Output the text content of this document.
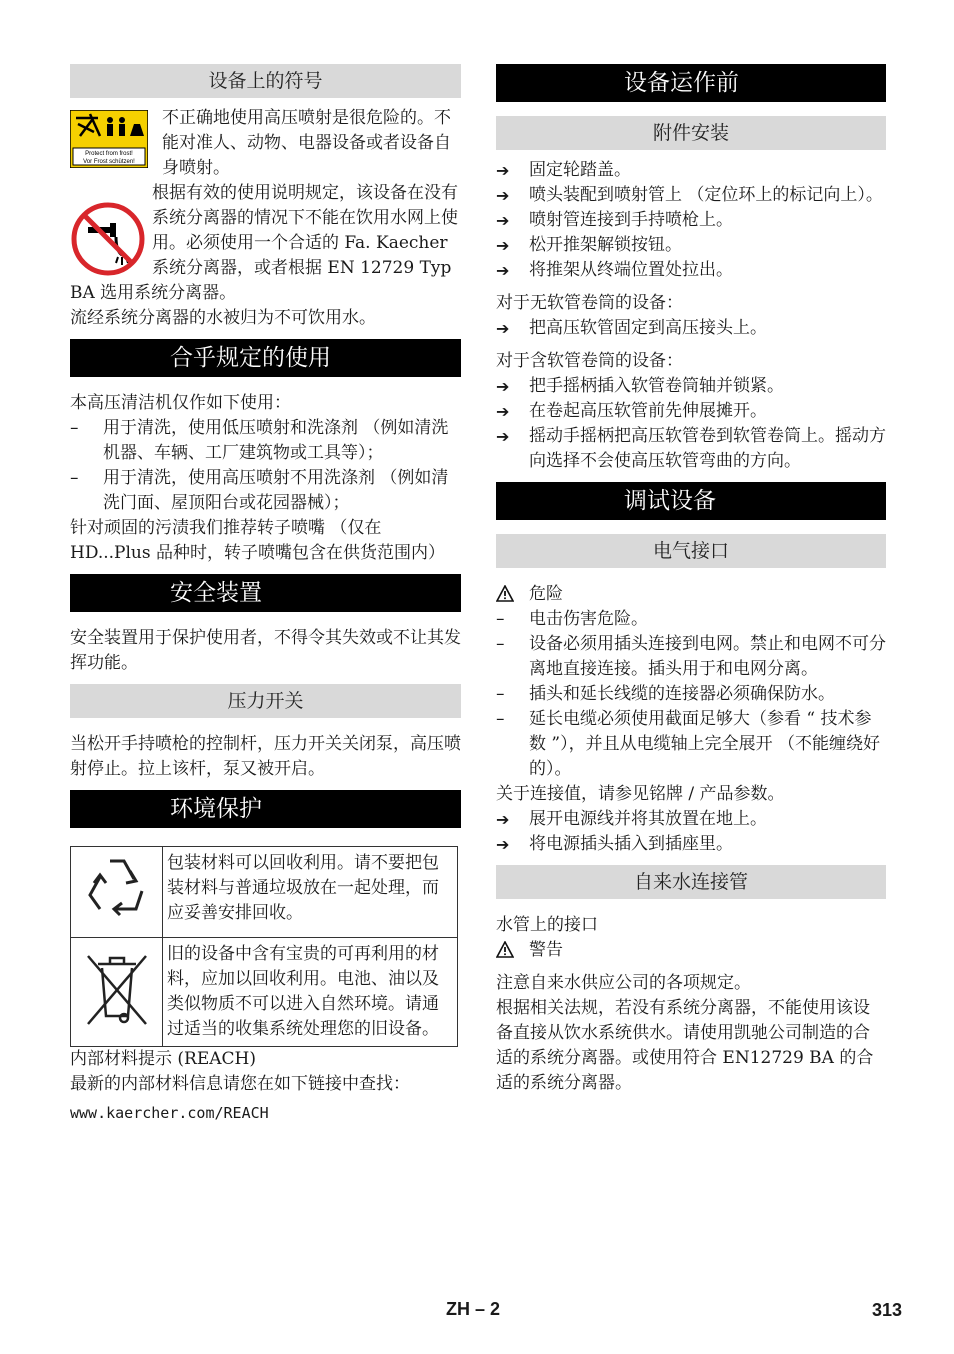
设备上的符号
Protect from frost!
Vor Frost schützen!

不正确地使用高压喷射是很危险的。不能对准人、动物、电器设备或者设备自身喷射。

根据有效的使用说明规定，该设备在没有系统分离器的情况下不能在饮用水网上使用。必须使用一个合适的 Fa. Kaecher 系统分离器，或者根据 EN 12729 Typ BA 选用系统分离器。

流经系统分离器的水被归为不可饮用水。

合乎规定的使用

本高压清洁机仅作如下使用：

–	用于清洗，使用低压喷射和洗涤剂 （例如清洗机器、车辆、工厂建筑物或工具等）；
–	用于清洗，使用高压喷射不用洗涤剂 （例如清洗门面、屋顶阳台或花园器械）；

针对顽固的污渍我们推荐转子喷嘴 （仅在 HD...Plus 品种时，转子喷嘴包含在供货范围内）

安全装置

安全装置用于保护使用者，不得令其失效或不让其发挥功能。

压力开关

当松开手持喷枪的控制杆，压力开关关闭泵，高压喷射停止。拉上该杆，泵又被开启。

环境保护
	包装材料可以回收利用。请不要把包装材料与普通垃圾放在一起处理，而应妥善安排回收。
	旧的设备中含有宝贵的可再利用的材料，应加以回收利用。电池、油以及类似物质不可以进入自然环境。请通过适当的收集系统处理您的旧设备。

内部材料提示 (REACH)

最新的内部材料信息请您在如下链接中查找：

www.kaercher.com/REACH

设备运作前
附件安装
➔	固定轮踏盖。
➔	喷头装配到喷射管上 （定位环上的标记向上）。
➔	喷射管连接到手持喷枪上。
➔	松开推架解锁按钮。
➔	将推架从终端位置处拉出。

对于无软管卷筒的设备：

➔	把高压软管固定到高压接头上。

对于含软管卷筒的设备：

➔	把手摇柄插入软管卷筒轴并锁紧。
➔	在卷起高压软管前先伸展摊开。
➔	摇动手摇柄把高压软管卷到软管卷筒上。摇动方向选择不会使高压软管弯曲的方向。
调试设备
电气接口
危险
–	电击伤害危险。
–	设备必须用插头连接到电网。禁止和电网不可分离地直接连接。插头用于和电网分离。
–	插头和延长线缆的连接器必须确保防水。
–	延长电缆必须使用截面足够大（参看 “ 技术参数 ”），并且从电缆轴上完全展开 （不能缠绕好的）。

关于连接值，请参见铭牌 / 产品参数。

➔	展开电源线并将其放置在地上。
➔	将电源插头插入到插座里。
自来水连接管

水管上的接口

警告

注意自来水供应公司的各项规定。

根据相关法规，若没有系统分离器，不能使用该设备直接从饮水系统供水。请使用凯驰公司制造的合适的系统分离器。或使用符合 EN12729 BA 的合适的系统分离器。

ZH – 2	313
